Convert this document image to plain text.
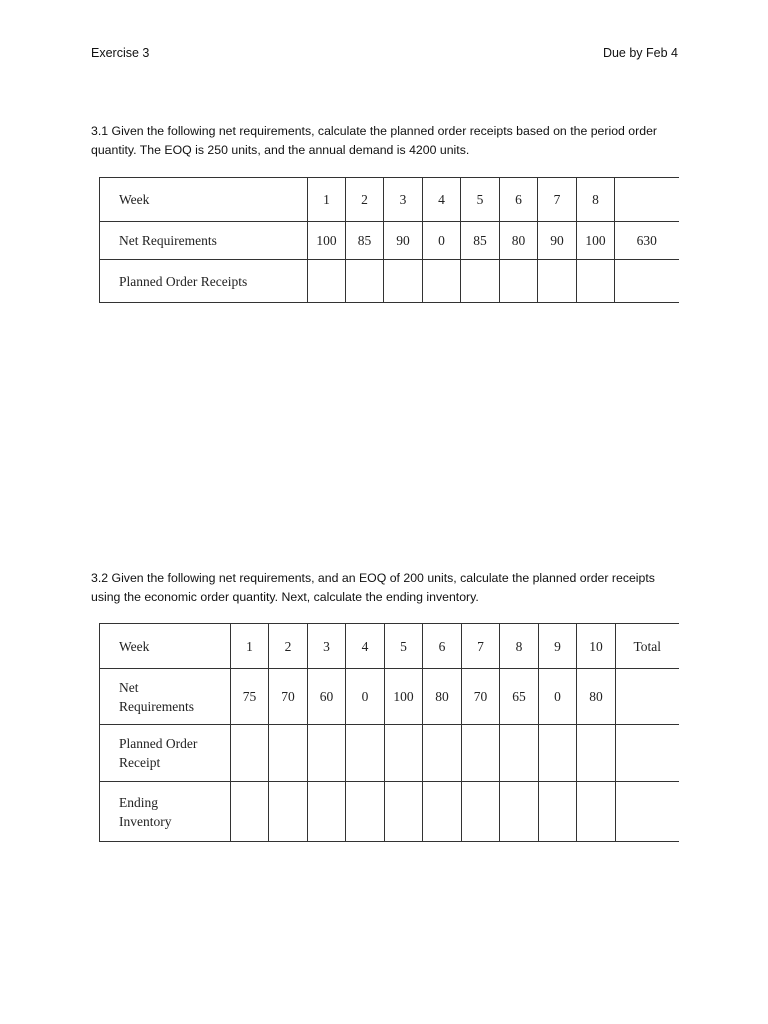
Exercise 3	Due by Feb 4

3.1 Given the following net requirements, calculate the planned order receipts based on the period order quantity. The EOQ is 250 units, and the annual demand is 4200 units.

Week	1	2	3	4	5	6	7	8	
Net Requirements	100	85	90	0	85	80	90	100	630
Planned Order Receipts									

3.2 Given the following net requirements, and an EOQ of 200 units, calculate the planned order receipts using the economic order quantity. Next, calculate the ending inventory.

Week	1	2	3	4	5	6	7	8	9	10	Total
Net
Requirements	75	70	60	0	100	80	70	65	0	80	
Planned Order
Receipt											
Ending
Inventory											
